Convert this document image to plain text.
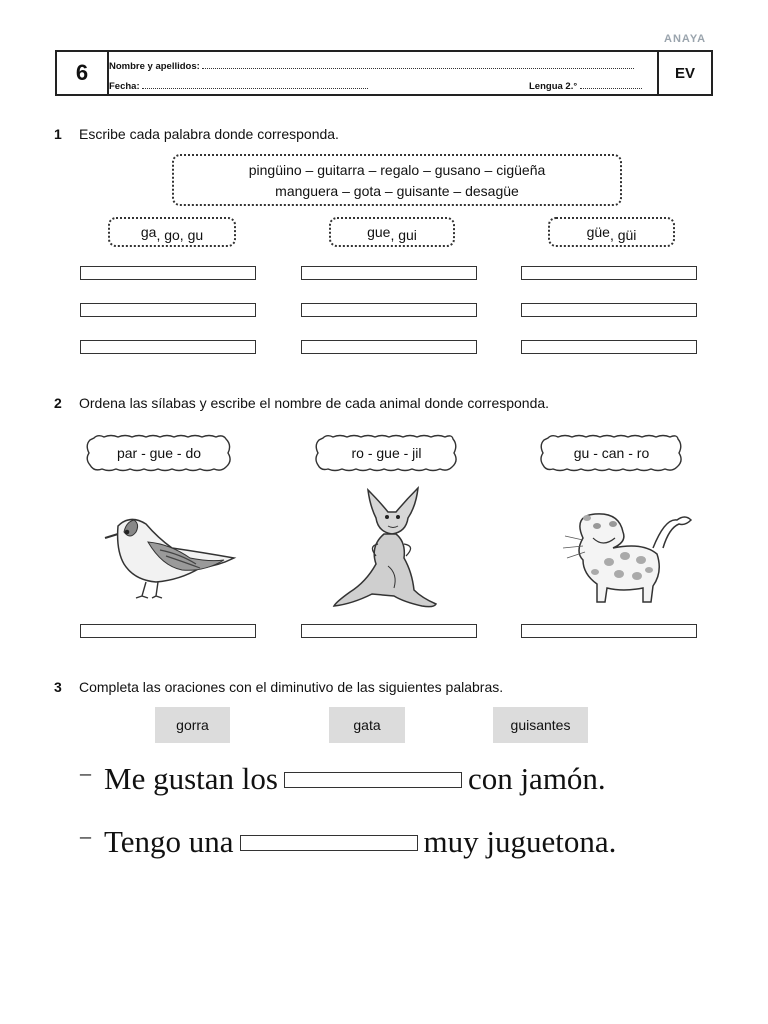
ANAYA
6	Nombre y apellidos:
Fecha:	Lengua 2.°
EV
1 Escribe cada palabra donde corresponda.
pingüino – guitarra – regalo – gusano – cigüeña
manguera – gota – guisante – desagüe
ga , go, gu	gue , gui	güe , güi
2 Ordena las sílabas y escribe el nombre de cada animal donde corresponda.
par - gue - do	ro - gue - jil	gu - can - ro
3 Completa las oraciones con el diminutivo de las siguientes palabras.
gorra	gata	guisantes
– Me gustan los	con jamón.
– Tengo una	muy juguetona.
